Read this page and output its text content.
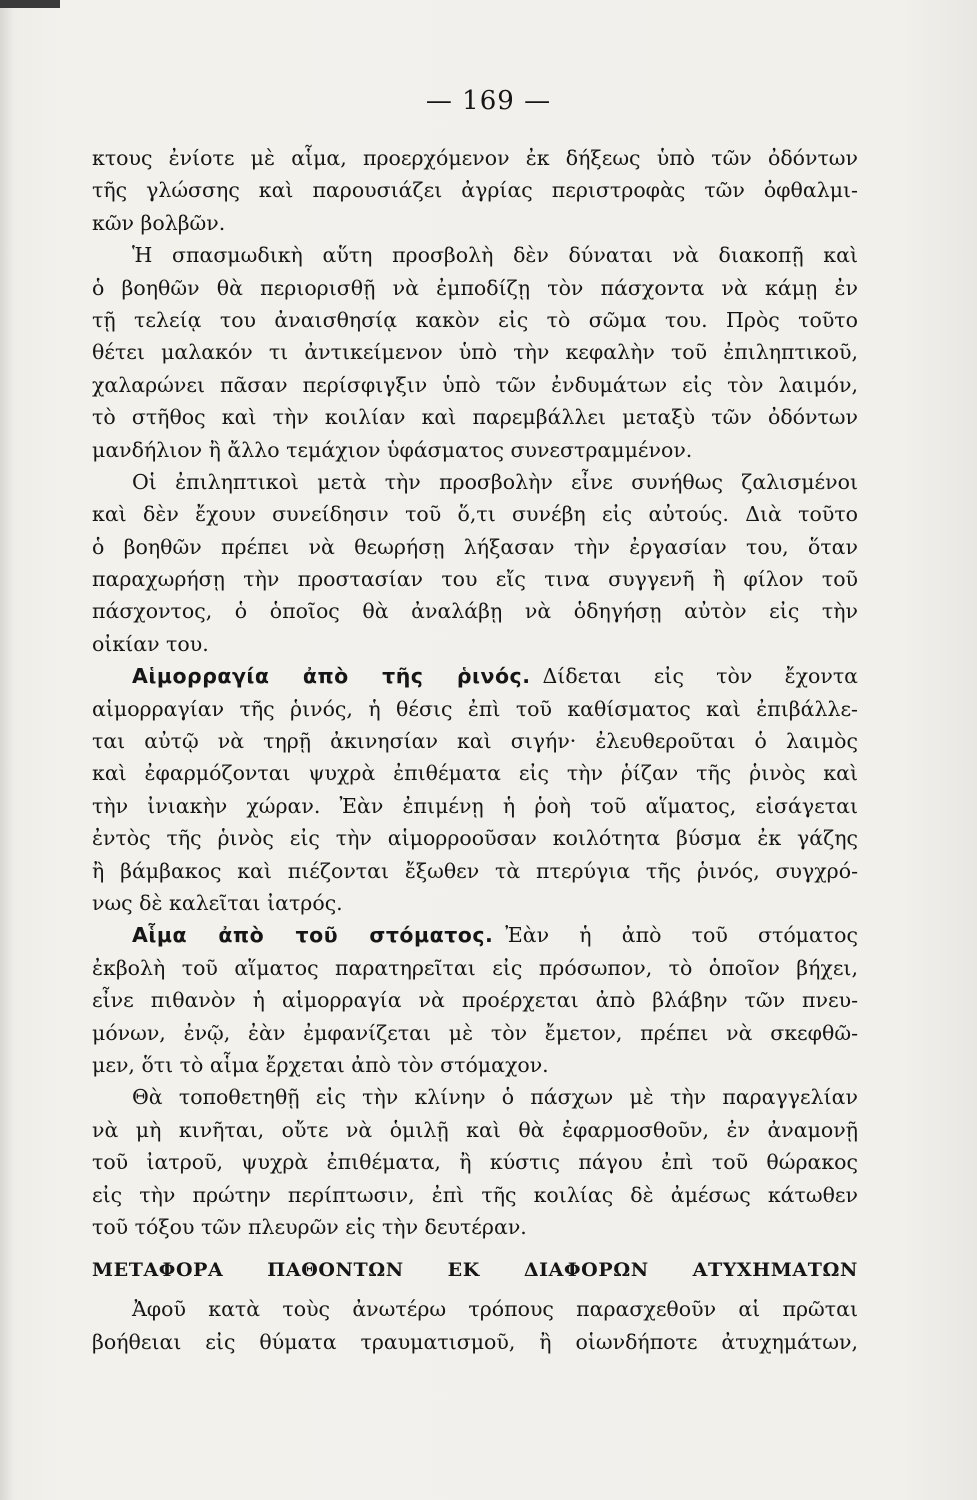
— 169 —
κτους ἐνίοτε μὲ αἷμα, προερχόμενον ἐκ δήξεως ὑπὸ τῶν ὀδόντων
τῆς γλώσσης καὶ παρουσιάζει ἀγρίας περιστροφὰς τῶν ὀφθαλμι-
κῶν βολβῶν.
Ἡ σπασμωδικὴ αὕτη προσβολὴ δὲν δύναται νὰ διακοπῇ καὶ
ὁ βοηθῶν θὰ περιορισθῇ νὰ ἐμποδίζῃ τὸν πάσχοντα νὰ κάμῃ ἐν
τῇ τελείᾳ του ἀναισθησίᾳ κακὸν εἰς τὸ σῶμα του. Πρὸς τοῦτο
θέτει μαλακόν τι ἀντικείμενον ὑπὸ τὴν κεφαλὴν τοῦ ἐπιληπτικοῦ,
χαλαρώνει πᾶσαν περίσφιγξιν ὑπὸ τῶν ἐνδυμάτων εἰς τὸν λαιμόν,
τὸ στῆθος καὶ τὴν κοιλίαν καὶ παρεμβάλλει μεταξὺ τῶν ὀδόντων
μανδήλιον ἢ ἄλλο τεμάχιον ὑφάσματος συνεστραμμένον.
Οἱ ἐπιληπτικοὶ μετὰ τὴν προσβολὴν εἶνε συνήθως ζαλισμένοι
καὶ δὲν ἔχουν συνείδησιν τοῦ ὅ,τι συνέβη εἰς αὐτούς. Διὰ τοῦτο
ὁ βοηθῶν πρέπει νὰ θεωρήσῃ λήξασαν τὴν ἐργασίαν του, ὅταν
παραχωρήσῃ τὴν προστασίαν του εἴς τινα συγγενῆ ἢ φίλον τοῦ
πάσχοντος, ὁ ὁποῖος θὰ ἀναλάβῃ νὰ ὁδηγήσῃ αὐτὸν εἰς τὴν
οἰκίαν του.
Αἱμορραγία ἀπὸ τῆς ῥινός. Δίδεται εἰς τὸν ἔχοντα
αἱμορραγίαν τῆς ῥινός, ἡ θέσις ἐπὶ τοῦ καθίσματος καὶ ἐπιβάλλε-
ται αὐτῷ νὰ τηρῇ ἀκινησίαν καὶ σιγήν· ἐλευθεροῦται ὁ λαιμὸς
καὶ ἐφαρμόζονται ψυχρὰ ἐπιθέματα εἰς τὴν ῥίζαν τῆς ῥινὸς καὶ
τὴν ἰνιακὴν χώραν. Ἐὰν ἐπιμένῃ ἡ ῥοὴ τοῦ αἵματος, εἰσάγεται
ἐντὸς τῆς ῥινὸς εἰς τὴν αἱμορροοῦσαν κοιλότητα βύσμα ἐκ γάζης
ἢ βάμβακος καὶ πιέζονται ἔξωθεν τὰ πτερύγια τῆς ῥινός, συγχρό-
νως δὲ καλεῖται ἰατρός.
Αἷμα ἀπὸ τοῦ στόματος. Ἐὰν ἡ ἀπὸ τοῦ στόματος
ἐκβολὴ τοῦ αἵματος παρατηρεῖται εἰς πρόσωπον, τὸ ὁποῖον βήχει,
εἶνε πιθανὸν ἡ αἱμορραγία νὰ προέρχεται ἀπὸ βλάβην τῶν πνευ-
μόνων, ἐνῷ, ἐὰν ἐμφανίζεται μὲ τὸν ἔμετον, πρέπει νὰ σκεφθῶ-
μεν, ὅτι τὸ αἷμα ἔρχεται ἀπὸ τὸν στόμαχον.
Θὰ τοποθετηθῇ εἰς τὴν κλίνην ὁ πάσχων μὲ τὴν παραγγελίαν
νὰ μὴ κινῆται, οὔτε νὰ ὁμιλῇ καὶ θὰ ἐφαρμοσθοῦν, ἐν ἀναμονῇ
τοῦ ἰατροῦ, ψυχρὰ ἐπιθέματα, ἢ κύστις πάγου ἐπὶ τοῦ θώρακος
εἰς τὴν πρώτην περίπτωσιν, ἐπὶ τῆς κοιλίας δὲ ἀμέσως κάτωθεν
τοῦ τόξου τῶν πλευρῶν εἰς τὴν δευτέραν.
ΜΕΤΑΦΟΡΑ ΠΑΘΟΝΤΩΝ ΕΚ ΔΙΑΦΟΡΩΝ ΑΤΥΧΗΜΑΤΩΝ
Ἀφοῦ κατὰ τοὺς ἀνωτέρω τρόπους παρασχεθοῦν αἱ πρῶται
βοήθειαι εἰς θύματα τραυματισμοῦ, ἢ οἱωνδήποτε ἀτυχημάτων,
